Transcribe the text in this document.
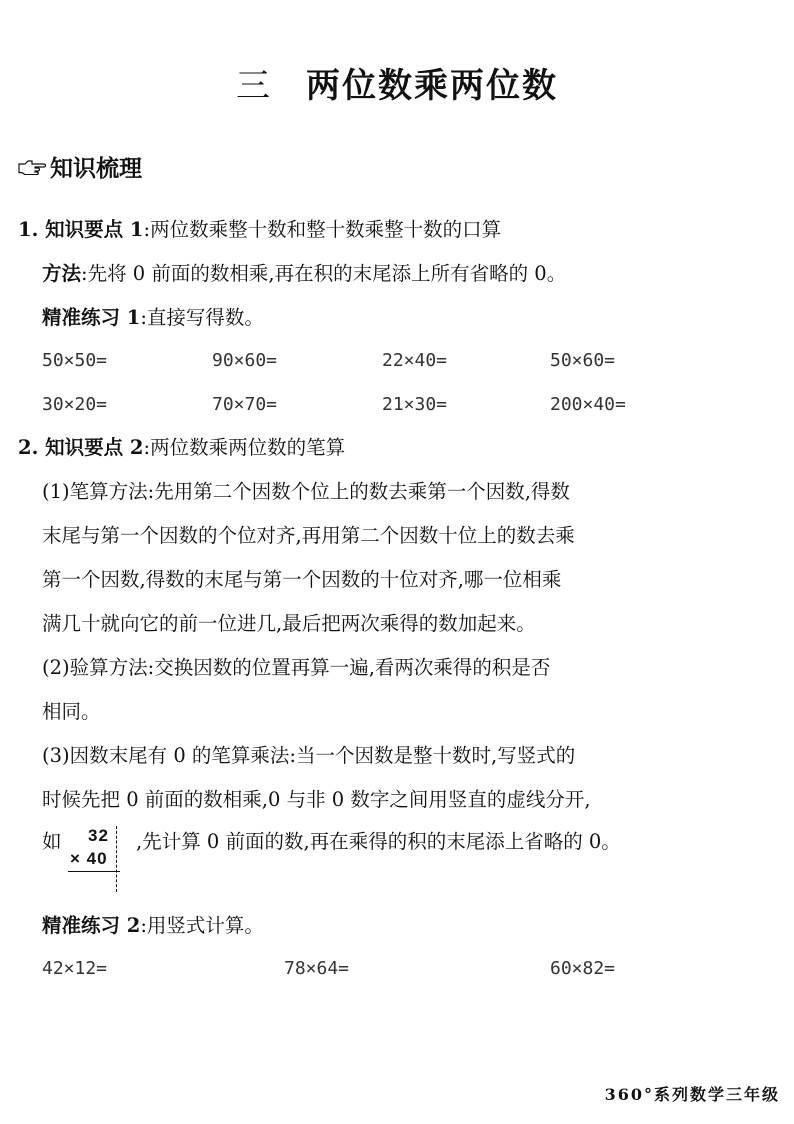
三 两位数乘两位数
知识梳理
1. 知识要点 1:两位数乘整十数和整十数乘整十数的口算
方法:先将 0 前面的数相乘,再在积的末尾添上所有省略的 0。
精准练习 1:直接写得数。
50×50=	90×60=	22×40=	50×60=
30×20=	70×70=	21×30=	200×40=
2. 知识要点 2:两位数乘两位数的笔算
(1)笔算方法:先用第二个因数个位上的数去乘第一个因数,得数
末尾与第一个因数的个位对齐,再用第二个因数十位上的数去乘
第一个因数,得数的末尾与第一个因数的十位对齐,哪一位相乘
满几十就向它的前一位进几,最后把两次乘得的数加起来。
(2)验算方法:交换因数的位置再算一遍,看两次乘得的积是否
相同。
(3)因数末尾有 0 的笔算乘法:当一个因数是整十数时,写竖式的
时候先把 0 前面的数相乘,0 与非 0 数字之间用竖直的虚线分开,
如 32
× 40
,先计算 0 前面的数,再在乘得的积的末尾添上省略的 0。
精准练习 2:用竖式计算。
42×12=	78×64=	60×82=
360°系列数学三年级
